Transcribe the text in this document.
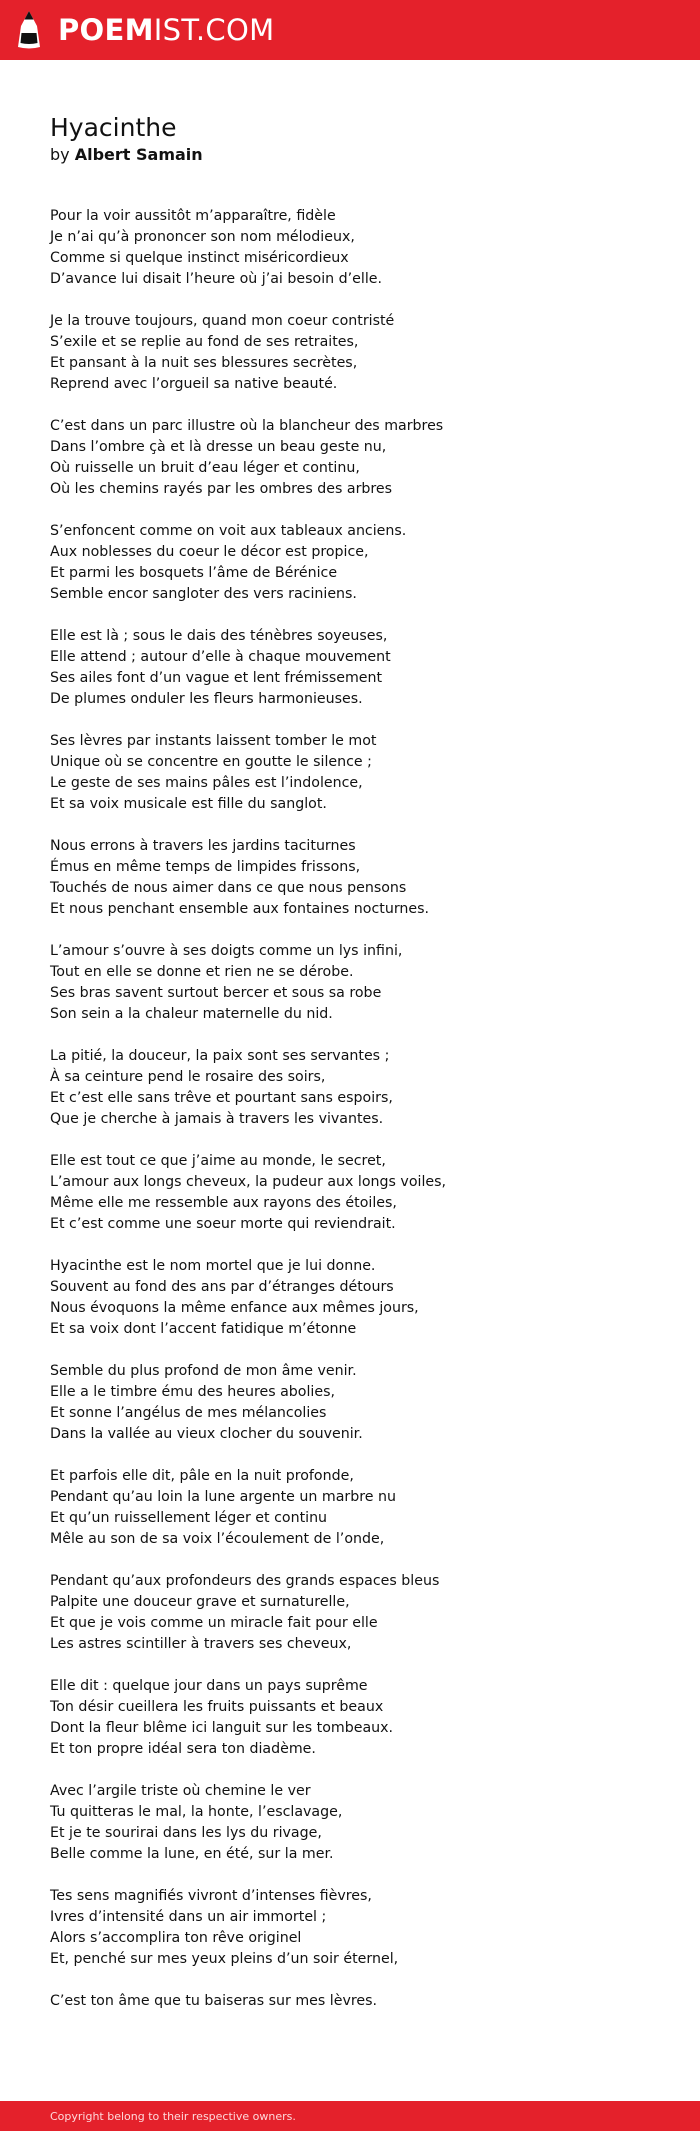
POEMIST.COM
Hyacinthe

by Albert Samain

Pour la voir aussitôt m’apparaître, fidèle
Je n’ai qu’à prononcer son nom mélodieux,
Comme si quelque instinct miséricordieux
D’avance lui disait l’heure où j’ai besoin d’elle.
Je la trouve toujours, quand mon coeur contristé
S’exile et se replie au fond de ses retraites,
Et pansant à la nuit ses blessures secrètes,
Reprend avec l’orgueil sa native beauté.
C’est dans un parc illustre où la blancheur des marbres
Dans l’ombre çà et là dresse un beau geste nu,
Où ruisselle un bruit d’eau léger et continu,
Où les chemins rayés par les ombres des arbres
S’enfoncent comme on voit aux tableaux anciens.
Aux noblesses du coeur le décor est propice,
Et parmi les bosquets l’âme de Bérénice
Semble encor sangloter des vers raciniens.
Elle est là ; sous le dais des ténèbres soyeuses,
Elle attend ; autour d’elle à chaque mouvement
Ses ailes font d’un vague et lent frémissement
De plumes onduler les fleurs harmonieuses.
Ses lèvres par instants laissent tomber le mot
Unique où se concentre en goutte le silence ;
Le geste de ses mains pâles est l’indolence,
Et sa voix musicale est fille du sanglot.
Nous errons à travers les jardins taciturnes
Émus en même temps de limpides frissons,
Touchés de nous aimer dans ce que nous pensons
Et nous penchant ensemble aux fontaines nocturnes.
L’amour s’ouvre à ses doigts comme un lys infini,
Tout en elle se donne et rien ne se dérobe.
Ses bras savent surtout bercer et sous sa robe
Son sein a la chaleur maternelle du nid.
La pitié, la douceur, la paix sont ses servantes ;
À sa ceinture pend le rosaire des soirs,
Et c’est elle sans trêve et pourtant sans espoirs,
Que je cherche à jamais à travers les vivantes.
Elle est tout ce que j’aime au monde, le secret,
L’amour aux longs cheveux, la pudeur aux longs voiles,
Même elle me ressemble aux rayons des étoiles,
Et c’est comme une soeur morte qui reviendrait.
Hyacinthe est le nom mortel que je lui donne.
Souvent au fond des ans par d’étranges détours
Nous évoquons la même enfance aux mêmes jours,
Et sa voix dont l’accent fatidique m’étonne
Semble du plus profond de mon âme venir.
Elle a le timbre ému des heures abolies,
Et sonne l’angélus de mes mélancolies
Dans la vallée au vieux clocher du souvenir.
Et parfois elle dit, pâle en la nuit profonde,
Pendant qu’au loin la lune argente un marbre nu
Et qu’un ruissellement léger et continu
Mêle au son de sa voix l’écoulement de l’onde,
Pendant qu’aux profondeurs des grands espaces bleus
Palpite une douceur grave et surnaturelle,
Et que je vois comme un miracle fait pour elle
Les astres scintiller à travers ses cheveux,
Elle dit : quelque jour dans un pays suprême
Ton désir cueillera les fruits puissants et beaux
Dont la fleur blême ici languit sur les tombeaux.
Et ton propre idéal sera ton diadème.
Avec l’argile triste où chemine le ver
Tu quitteras le mal, la honte, l’esclavage,
Et je te sourirai dans les lys du rivage,
Belle comme la lune, en été, sur la mer.
Tes sens magnifiés vivront d’intenses fièvres,
Ivres d’intensité dans un air immortel ;
Alors s’accomplira ton rêve originel
Et, penché sur mes yeux pleins d’un soir éternel,
C’est ton âme que tu baiseras sur mes lèvres.
Copyright belong to their respective owners.
